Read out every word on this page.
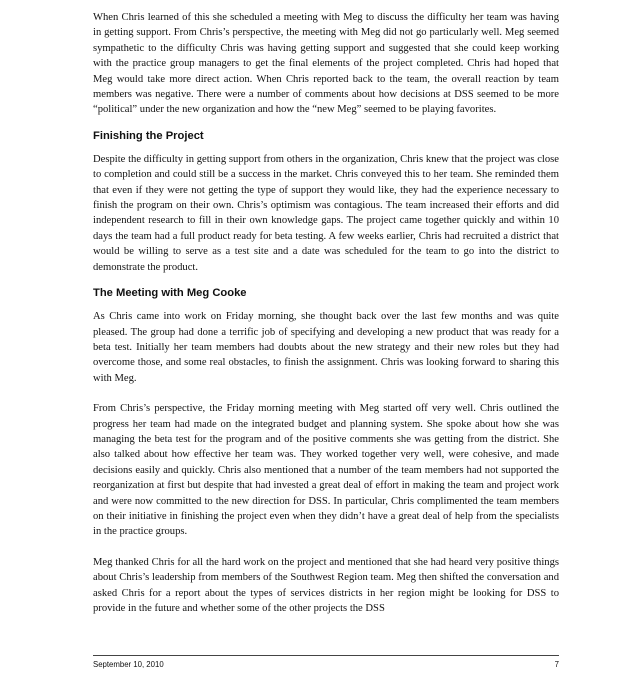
When Chris learned of this she scheduled a meeting with Meg to discuss the difficulty her team was having in getting support. From Chris’s perspective, the meeting with Meg did not go particularly well. Meg seemed sympathetic to the difficulty Chris was having getting support and suggested that she could keep working with the practice group managers to get the final elements of the project completed. Chris had hoped that Meg would take more direct action. When Chris reported back to the team, the overall reaction by team members was negative. There were a number of comments about how decisions at DSS seemed to be more “political” under the new organization and how the “new Meg” seemed to be playing favorites.

Finishing the Project

Despite the difficulty in getting support from others in the organization, Chris knew that the project was close to completion and could still be a success in the market. Chris conveyed this to her team. She reminded them that even if they were not getting the type of support they would like, they had the experience necessary to finish the program on their own. Chris’s optimism was contagious. The team increased their efforts and did independent research to fill in their own knowledge gaps. The project came together quickly and within 10 days the team had a full product ready for beta testing. A few weeks earlier, Chris had recruited a district that would be willing to serve as a test site and a date was scheduled for the team to go into the district to demonstrate the product.

The Meeting with Meg Cooke

As Chris came into work on Friday morning, she thought back over the last few months and was quite pleased. The group had done a terrific job of specifying and developing a new product that was ready for a beta test. Initially her team members had doubts about the new strategy and their new roles but they had overcome those, and some real obstacles, to finish the assignment. Chris was looking forward to sharing this with Meg.

From Chris’s perspective, the Friday morning meeting with Meg started off very well. Chris outlined the progress her team had made on the integrated budget and planning system. She spoke about how she was managing the beta test for the program and of the positive comments she was getting from the district. She also talked about how effective her team was. They worked together very well, were cohesive, and made decisions easily and quickly. Chris also mentioned that a number of the team members had not supported the reorganization at first but despite that had invested a great deal of effort in making the team and project work and were now committed to the new direction for DSS. In particular, Chris complimented the team members on their initiative in finishing the project even when they didn’t have a great deal of help from the specialists in the practice groups.

Meg thanked Chris for all the hard work on the project and mentioned that she had heard very positive things about Chris’s leadership from members of the Southwest Region team. Meg then shifted the conversation and asked Chris for a report about the types of services districts in her region might be looking for DSS to provide in the future and whether some of the other projects the DSS

September 10, 2010	7
